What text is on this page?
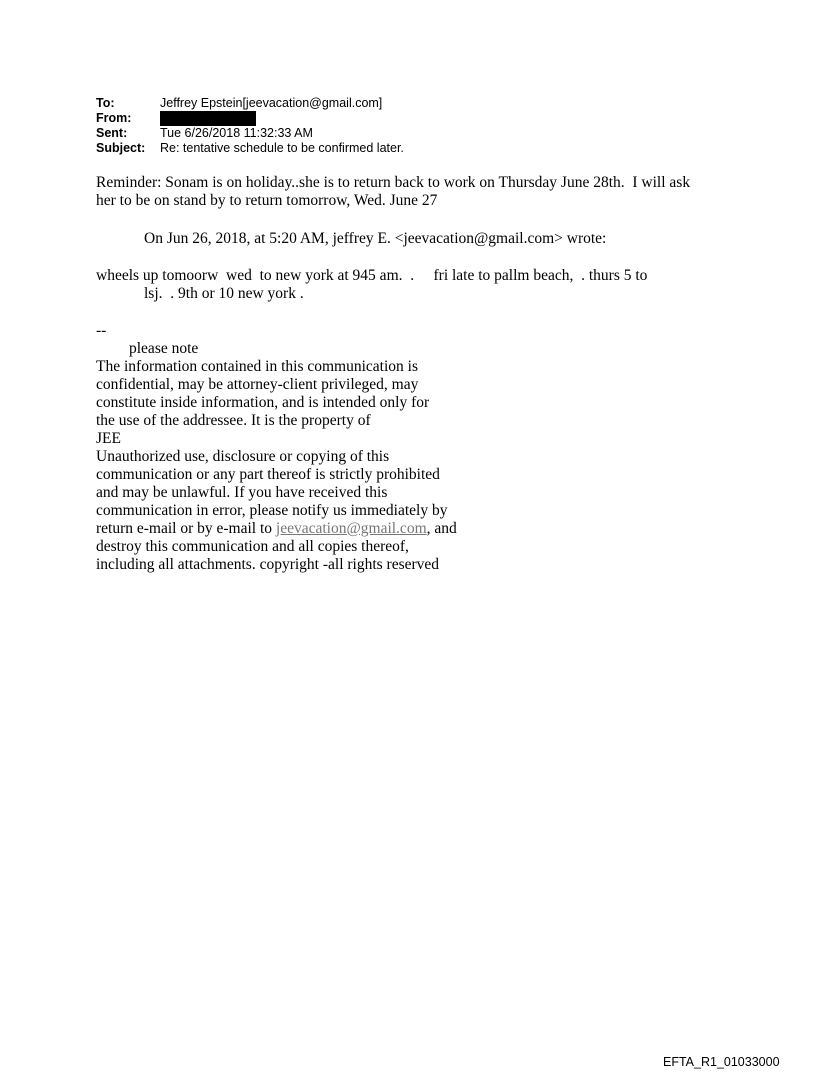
To:	Jeffrey Epstein[jeevacation@gmail.com]
From:
Sent:	Tue 6/26/2018 11:32:33 AM
Subject:	Re: tentative schedule to be confirmed later.
Reminder: Sonam is on holiday..she is to return back to work on Thursday June 28th.  I will ask
her to be on stand by to return tomorrow, Wed. June 27
On Jun 26, 2018, at 5:20 AM, jeffrey E. <jeevacation@gmail.com> wrote:
wheels up tomoorw  wed  to new york at 945 am.  .     fri late to pallm beach,  . thurs 5 to
lsj.  . 9th or 10 new york .
--
please note
The information contained in this communication is
confidential, may be attorney-client privileged, may
constitute inside information, and is intended only for
the use of the addressee. It is the property of
JEE
Unauthorized use, disclosure or copying of this
communication or any part thereof is strictly prohibited
and may be unlawful. If you have received this
communication in error, please notify us immediately by
return e-mail or by e-mail to jeevacation@gmail.com, and
destroy this communication and all copies thereof,
including all attachments. copyright -all rights reserved
EFTA_R1_01033000
